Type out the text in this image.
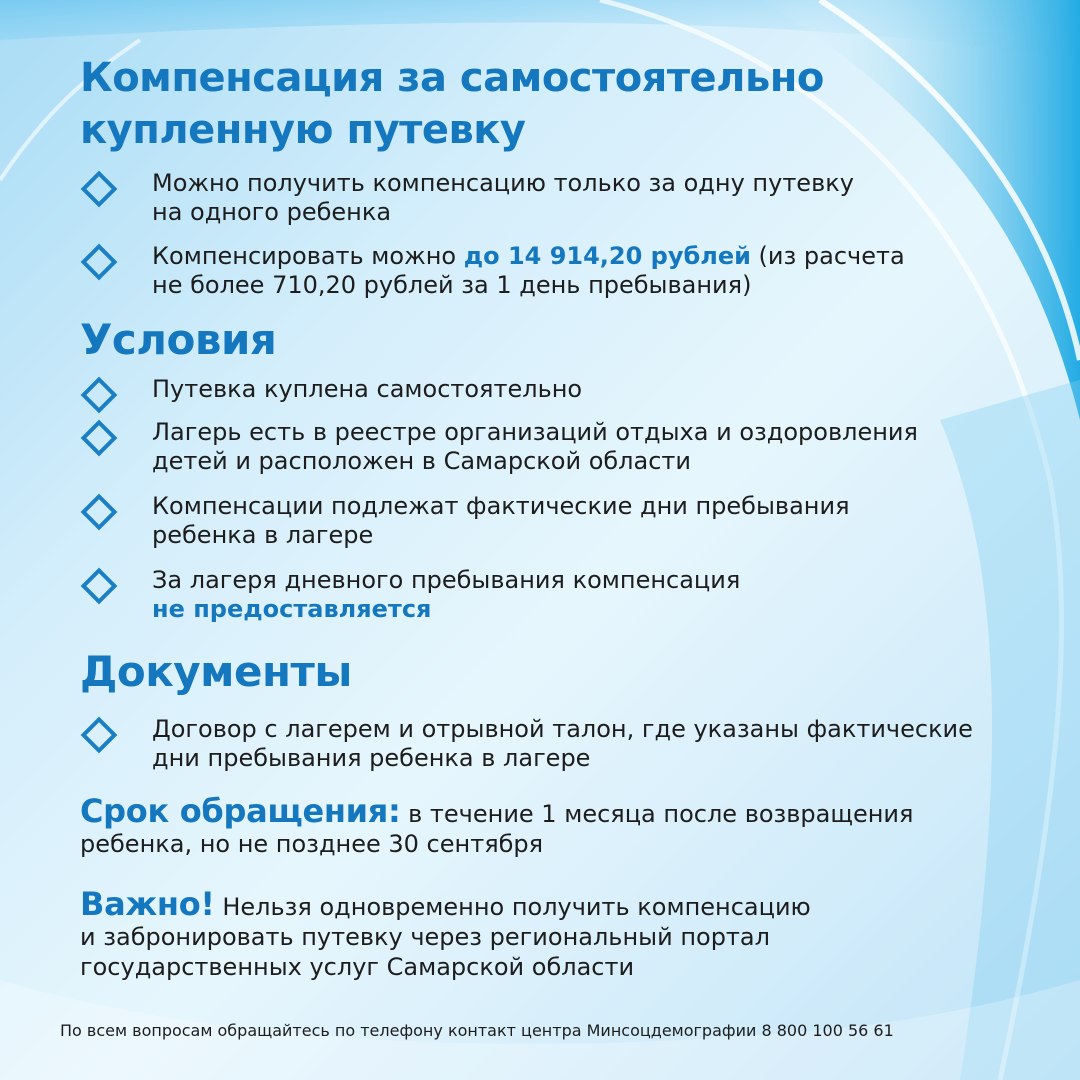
Компенсация за самостоятельно
купленную путевку
Можно получить компенсацию только за одну путевку
на одного ребенка
Компенсировать можно до 14 914,20 рублей (из расчета
не более 710,20 рублей за 1 день пребывания)
Условия
Путевка куплена самостоятельно
Лагерь есть в реестре организаций отдыха и оздоровления
детей и расположен в Самарской области
Компенсации подлежат фактические дни пребывания
ребенка в лагере
За лагеря дневного пребывания компенсация
не предоставляется
Документы
Договор с лагерем и отрывной талон, где указаны фактические
дни пребывания ребенка в лагере
Срок обращения: в течение 1 месяца после возвращения
ребенка, но не позднее 30 сентября
Важно! Нельзя одновременно получить компенсацию
и забронировать путевку через региональный портал
государственных услуг Самарской области
По всем вопросам обращайтесь по телефону контакт центра Минсоцдемографии 8 800 100 56 61
